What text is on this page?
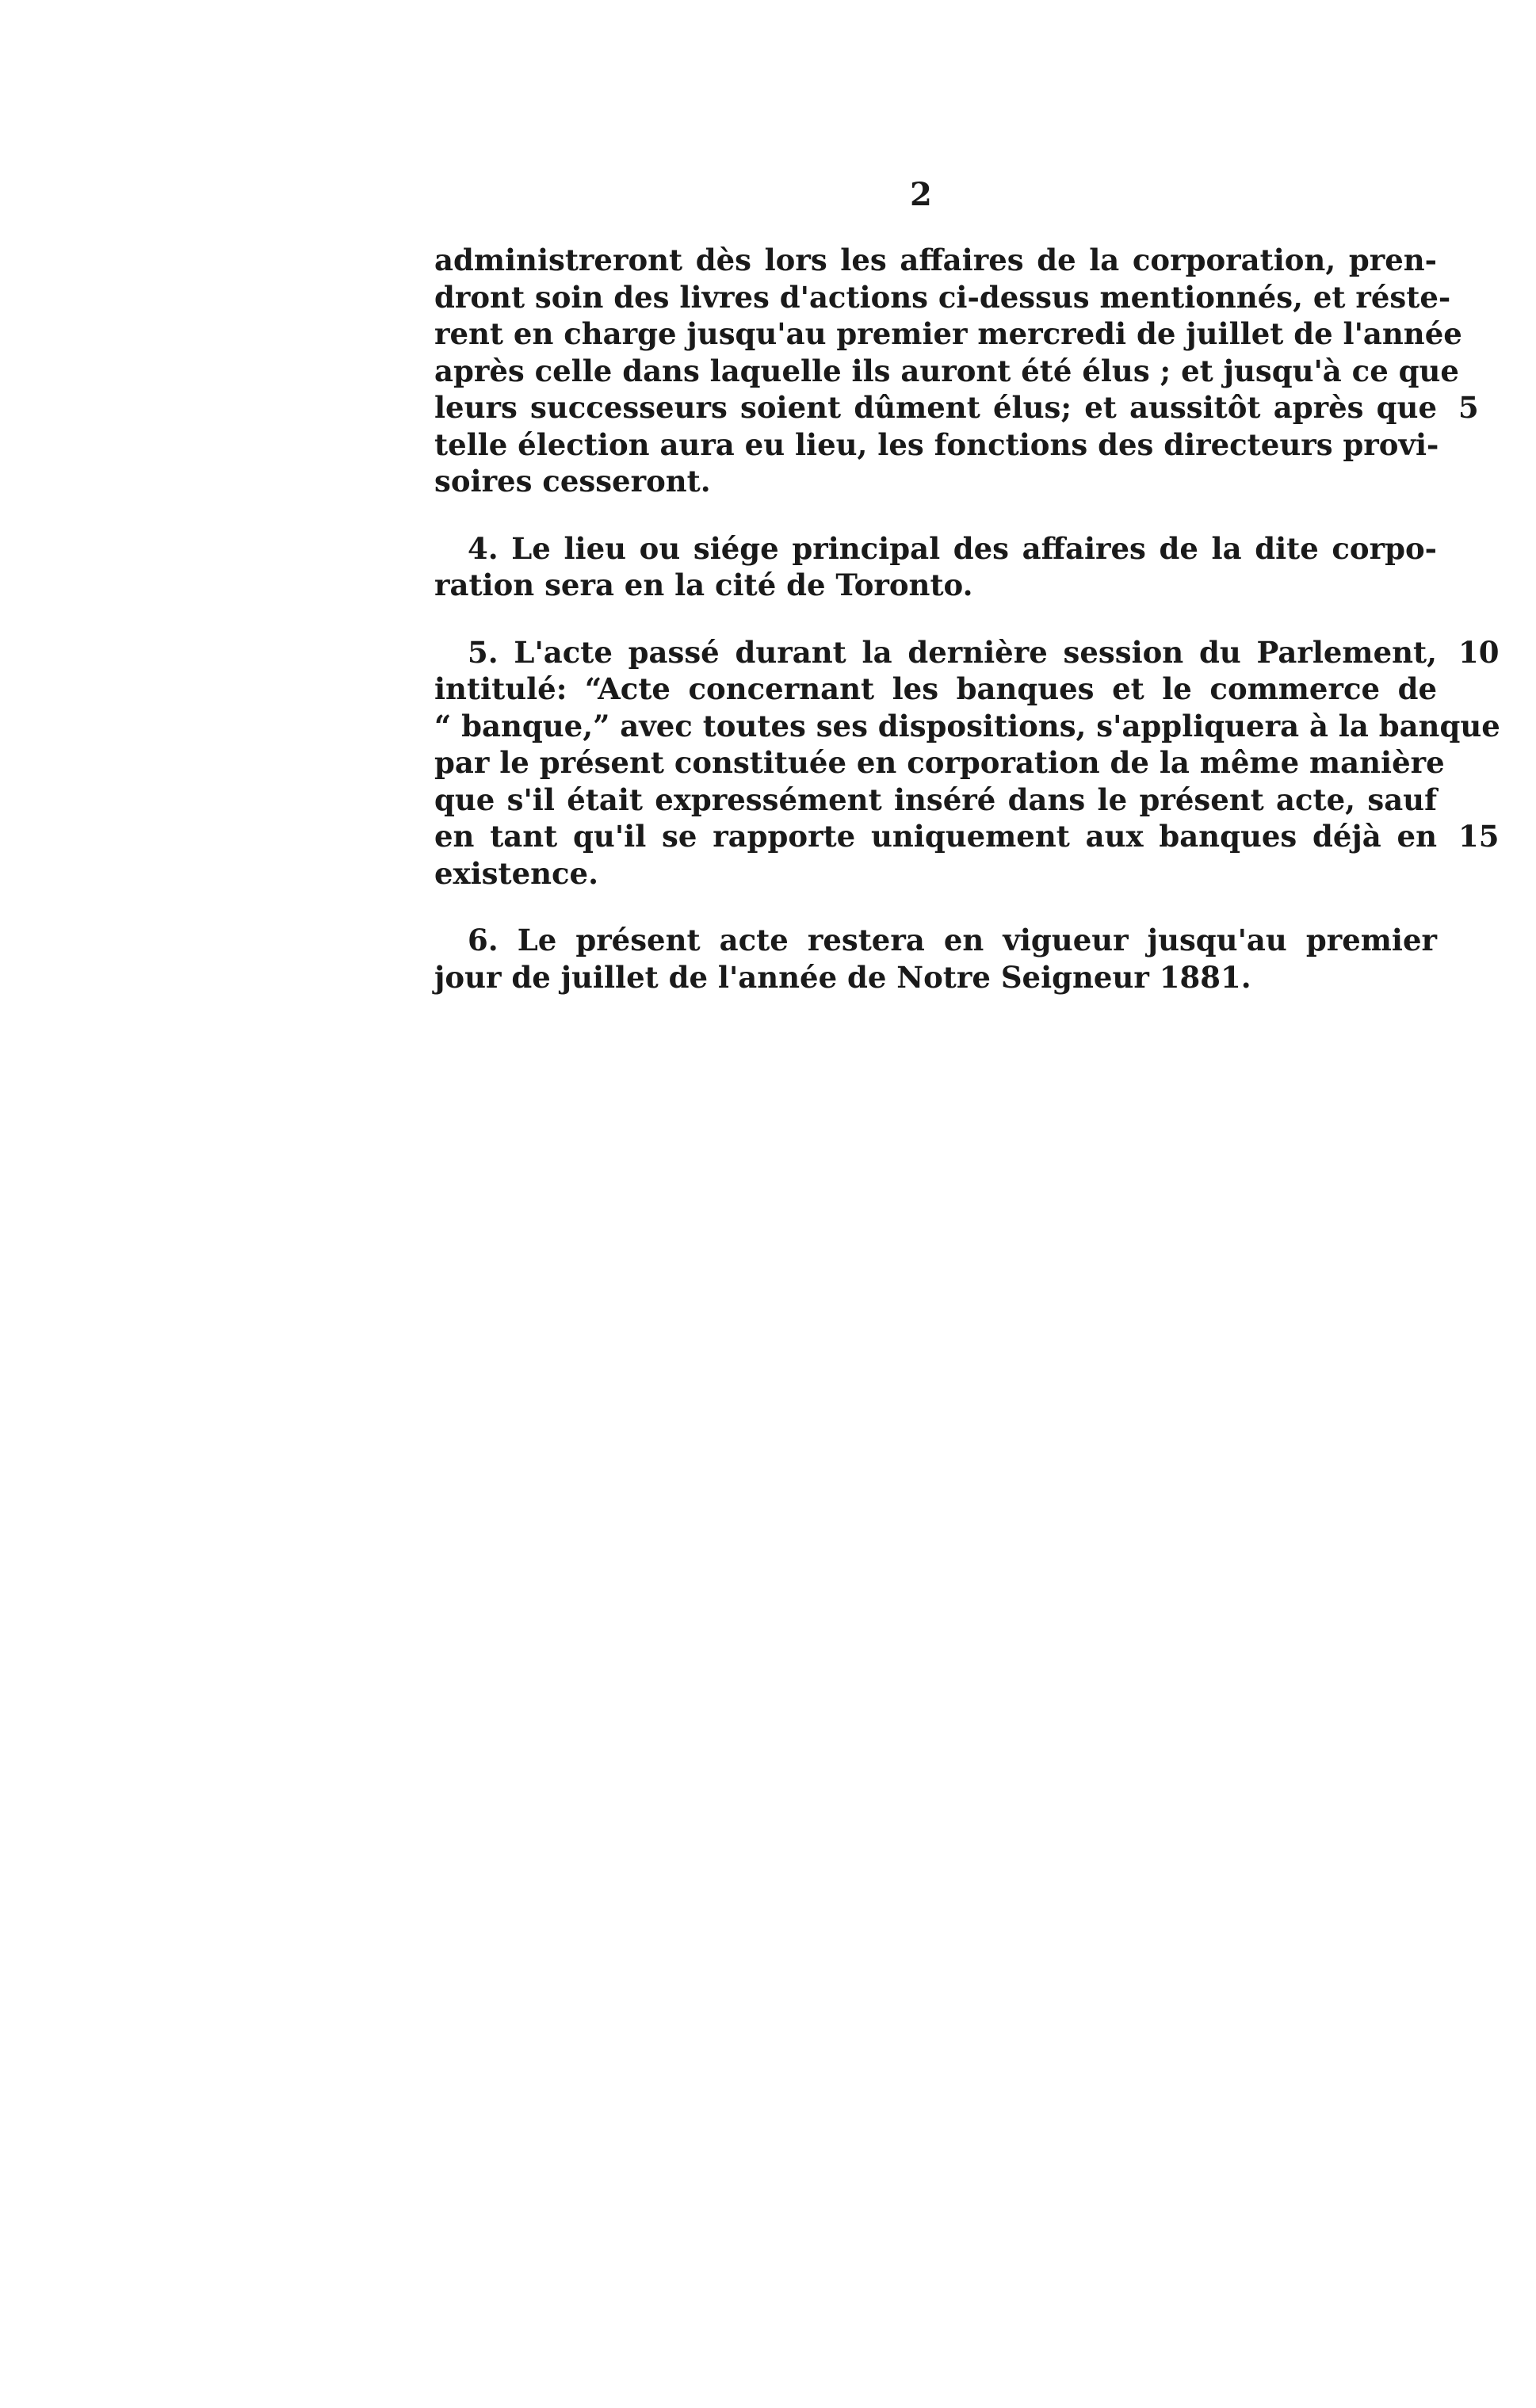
2
administreront dès lors les affaires de la corporation, pren-
dront soin des livres d'actions ci-dessus mentionnés, et réste-
rent en charge jusqu'au premier mercredi de juillet de l'année
après celle dans laquelle ils auront été élus ; et jusqu'à ce que
leurs successeurs soient dûment élus; et aussitôt après que 5
telle élection aura eu lieu, les fonctions des directeurs provi-
soires cesseront.
4. Le lieu ou siége principal des affaires de la dite corpo-
ration sera en la cité de Toronto.
5. L'acte passé durant la dernière session du Parlement, 10
intitulé: “Acte concernant les banques et le commerce de
“ banque,” avec toutes ses dispositions, s'appliquera à la banque
par le présent constituée en corporation de la même manière
que s'il était expressément inséré dans le présent acte, sauf
en tant qu'il se rapporte uniquement aux banques déjà en 15
existence.
6. Le présent acte restera en vigueur jusqu'au premier
jour de juillet de l'année de Notre Seigneur 1881.
